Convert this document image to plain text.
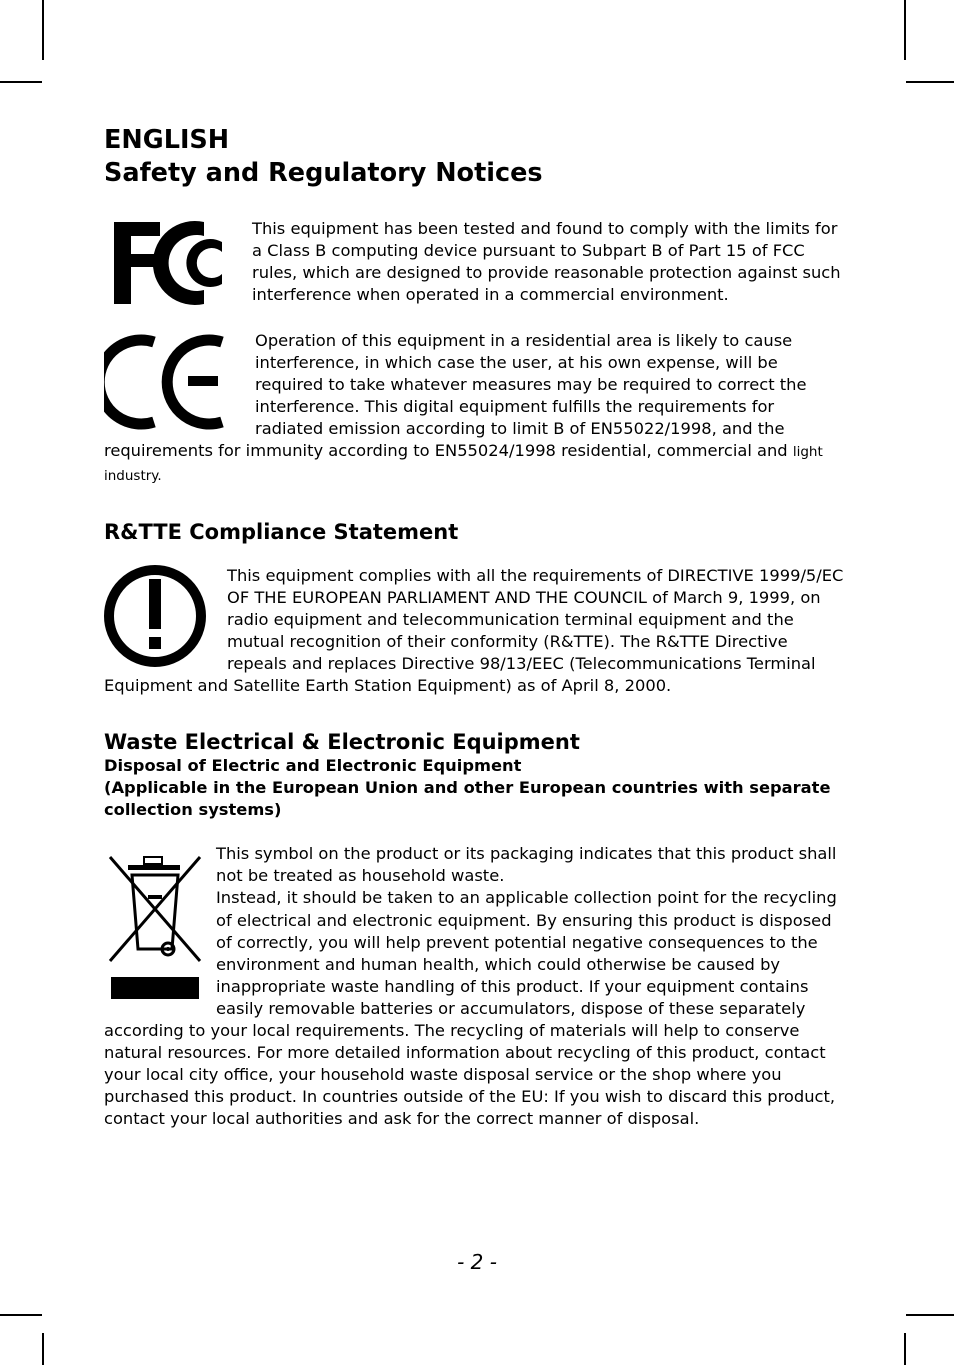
ENGLISH
Safety and Regulatory Notices

This equipment has been tested and found to comply with the limits for a Class B computing device pursuant to Subpart B of Part 15 of FCC rules, which are designed to provide reasonable protection against such interference when operated in a commercial environment.

Operation of this equipment in a residential area is likely to cause interference, in which case the user, at his own expense, will be required to take whatever measures may be required to correct the interference. This digital equipment fulfills the requirements for radiated emission according to limit B of EN55022/1998, and the requirements for immunity according to EN55024/1998 residential, commercial and light industry.

R&TTE Compliance Statement

This equipment complies with all the requirements of DIRECTIVE 1999/5/EC OF THE EUROPEAN PARLIAMENT AND THE COUNCIL of March 9, 1999, on radio equipment and telecommunication terminal equipment and the mutual recognition of their conformity (R&TTE). The R&TTE Directive repeals and replaces Directive 98/13/EEC (Telecommunications Terminal Equipment and Satellite Earth Station Equipment) as of April 8, 2000.

Waste Electrical & Electronic Equipment
Disposal of Electric and Electronic Equipment
(Applicable in the European Union and other European countries with separate collection systems)

This symbol on the product or its packaging indicates that this product shall not be treated as household waste.

Instead, it should be taken to an applicable collection point for the recycling of electrical and electronic equipment. By ensuring this product is disposed of correctly, you will help prevent potential negative consequences to the environment and human health, which could otherwise be caused by inappropriate waste handling of this product. If your equipment contains easily removable batteries or accumulators, dispose of these separately according to your local requirements. The recycling of materials will help to conserve natural resources. For more detailed information about recycling of this product, contact your local city office, your household waste disposal service or the shop where you purchased this product. In countries outside of the EU: If you wish to discard this product, contact your local authorities and ask for the correct manner of disposal.

- 2 -
